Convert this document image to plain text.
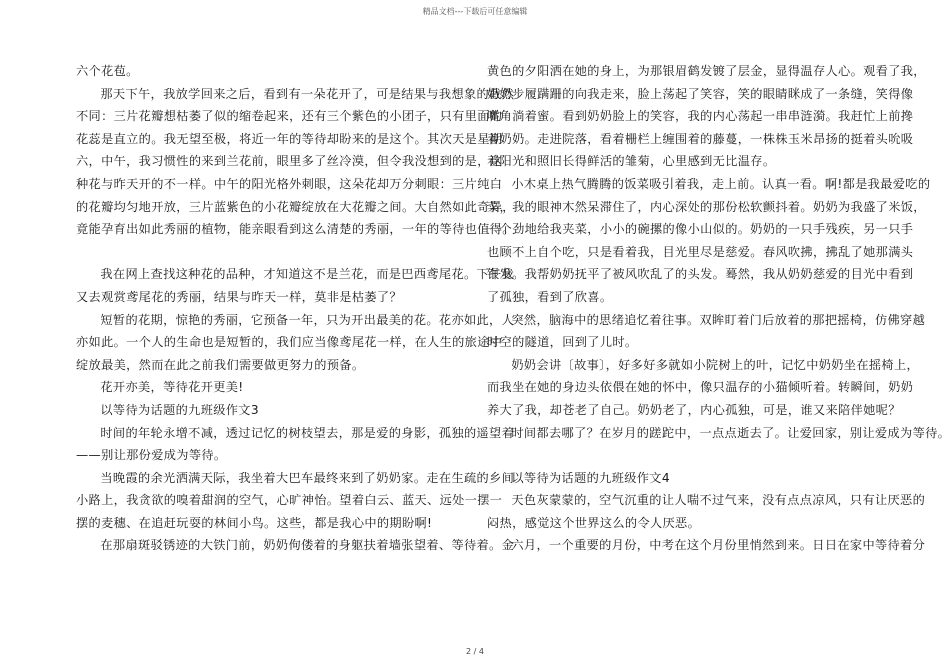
精品文档---下载后可任意编辑

六个花苞。

那天下午，我放学回来之后，看到有一朵花开了，可是结果与我想象的截然

不同：三片花瓣想枯萎了似的缩卷起来，还有三个紫色的小团子，只有里面的

花蕊是直立的。我无望至极，将近一年的等待却盼来的是这个。其次天是星期

六，中午，我习惯性的来到兰花前，眼里多了丝冷漠，但令我没想到的是，这

种花与昨天开的不一样。中午的阳光格外刺眼，这朵花却万分刺眼：三片纯白

的花瓣均匀地开放，三片蓝紫色的小花瓣绽放在大花瓣之间。大自然如此奇异，

竟能孕育出如此秀丽的植物，能亲眼看到这么清楚的秀丽，一年的等待也值得。

我在网上查找这种花的品种，才知道这不是兰花，而是巴西鸢尾花。下午我

又去观赏鸢尾花的秀丽，结果与昨天一样，莫非是枯萎了？

短暂的花期，惊艳的秀丽，它预备一年，只为开出最美的花。花亦如此，人

亦如此。一个人的生命也是短暂的，我们应当像鸢尾花一样，在人生的旅途中

绽放最美，然而在此之前我们需要做更努力的预备。

花开亦美，等待花开更美!

以等待为话题的九班级作文3

时间的年轮永增不减，透过记忆的树枝望去，那是爱的身影，孤独的遥望着

——别让那份爱成为等待。

当晚霞的余光洒满天际，我坐着大巴车最终来到了奶奶家。走在生疏的乡间

小路上，我贪欲的嗅着甜润的空气，心旷神怡。望着白云、蓝天、远处一摆一

摆的麦穗、在追赶玩耍的林间小鸟。这些，都是我心中的期盼啊!

在那扇斑驳锈迹的大铁门前，奶奶佝偻着的身躯扶着墙张望着、等待着。金

黄色的夕阳洒在她的身上，为那银眉鹤发镀了层金，显得温存人心。观看了我，

奶奶步履蹒跚的向我走来，脸上荡起了笑容，笑的眼睛眯成了一条缝，笑得像

嘴角淌着蜜。看到奶奶脸上的笑容，我的内心荡起一串串涟漪。我赶忙上前搀

着奶奶。走进院落，看着栅栏上缠围着的藤蔓，一株株玉米昂扬的挺着头吮吸

着阳光和照旧长得鲜活的雏菊，心里感到无比温存。

小木桌上热气腾腾的饭菜吸引着我，走上前。认真一看。啊!都是我最爱吃的

菜，我的眼神木然呆滞住了，内心深处的那份松软颤抖着。奶奶为我盛了米饭，

一个劲地给我夹菜，小小的碗摞的像小山似的。奶奶的一只手残疾，另一只手

也顾不上自个吃，只是看着我，目光里尽是慈爱。春风吹拂，拂乱了她那满头

银发。我帮奶奶抚平了被风吹乱了的头发。蓦然，我从奶奶慈爱的目光中看到

了孤独，看到了欣喜。

突然，脑海中的思绪追忆着往事。双眸盯着门后放着的那把摇椅，仿佛穿越

时空的隧道，回到了儿时。

奶奶会讲〔故事〕，好多好多就如小院树上的叶，记忆中奶奶坐在摇椅上，

而我坐在她的身边头依偎在她的怀中，像只温存的小猫倾听着。转瞬间，奶奶

养大了我，却苍老了自己。奶奶老了，内心孤独，可是，谁又来陪伴她呢？

时间都去哪了？在岁月的蹉跎中，一点点逝去了。让爱回家，别让爱成为等待。

以等待为话题的九班级作文4

天色灰蒙蒙的，空气沉重的让人喘不过气来，没有点点凉风，只有让厌恶的

闷热，感觉这个世界这么的令人厌恶。

六月，一个重要的月份，中考在这个月份里悄然到来。日日在家中等待着分

2 / 4
